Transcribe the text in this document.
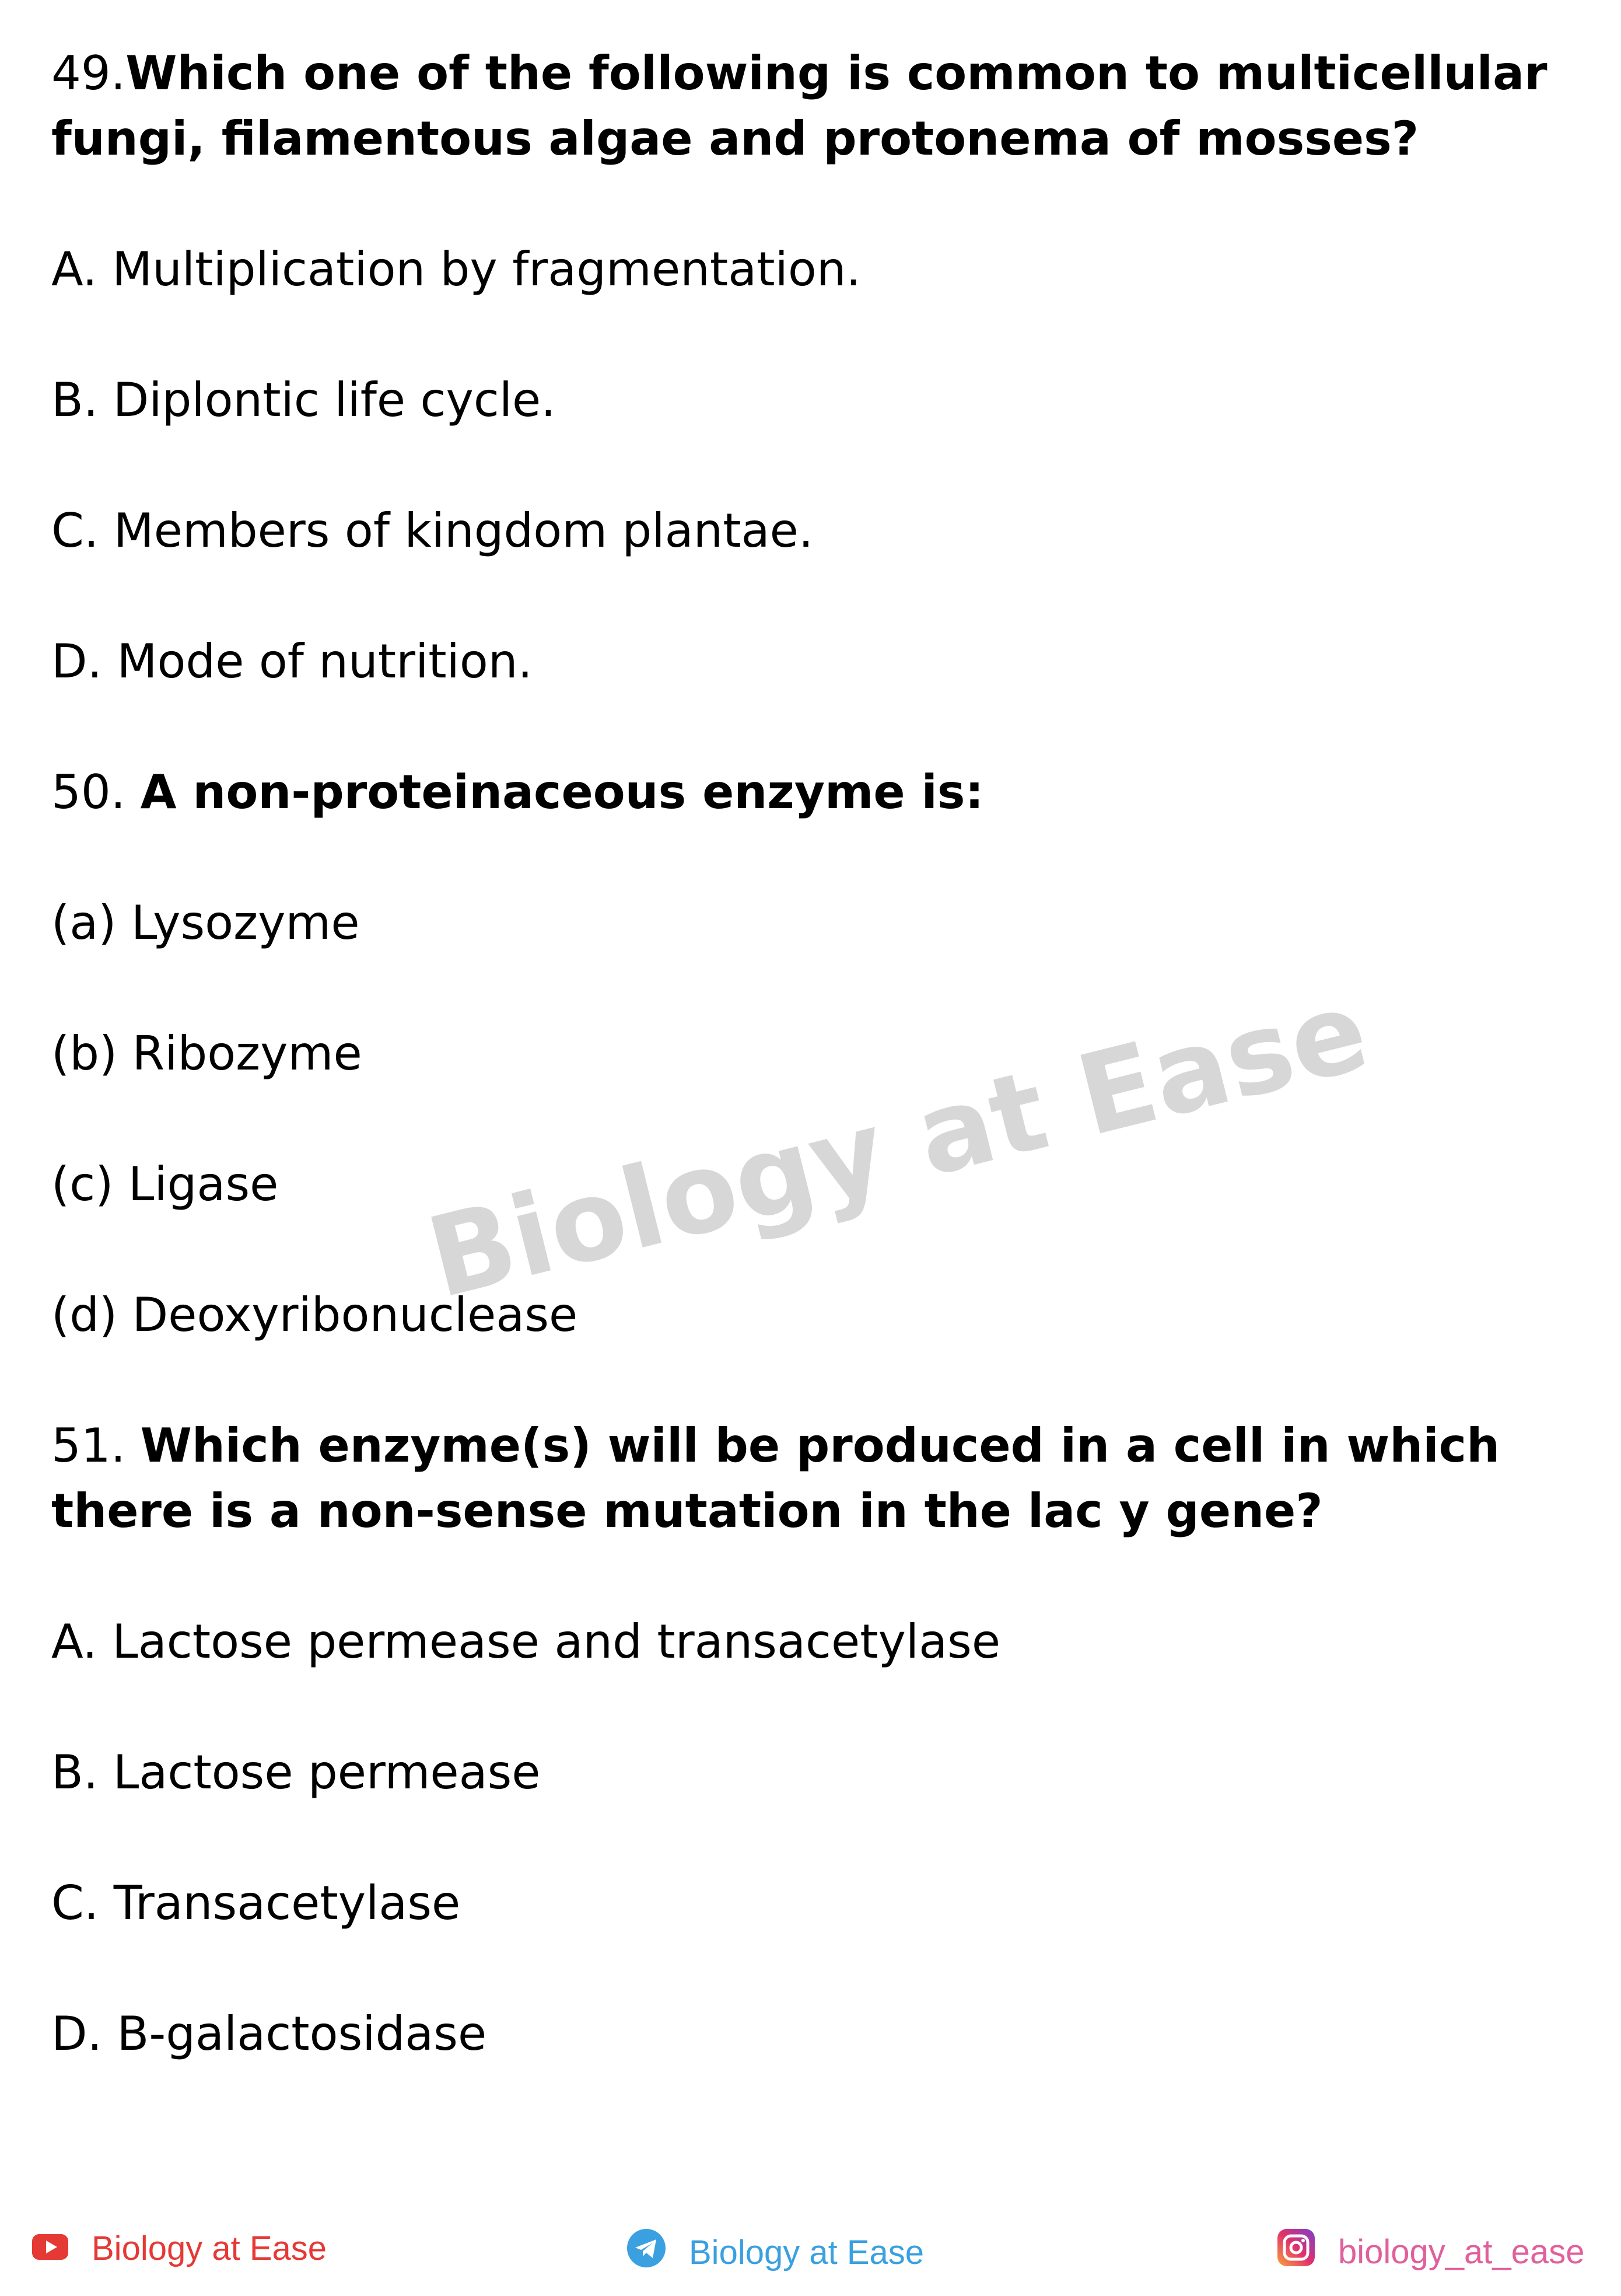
49.Which one of the following is common to multicellular fungi, filamentous algae and protonema of mosses?

A. Multiplication by fragmentation.

B. Diplontic life cycle.

C. Members of kingdom plantae.

D. Mode of nutrition.

50. A non-proteinaceous enzyme is:

(a) Lysozyme

(b) Ribozyme

(c) Ligase

(d) Deoxyribonuclease

51. Which enzyme(s) will be produced in a cell in which there is a non-sense mutation in the lac y gene?

A. Lactose permease and transacetylase

B. Lactose permease

C. Transacetylase

D. B-galactosidase

Biology at Ease
Biology at Ease	Biology at Ease	biology_at_ease
